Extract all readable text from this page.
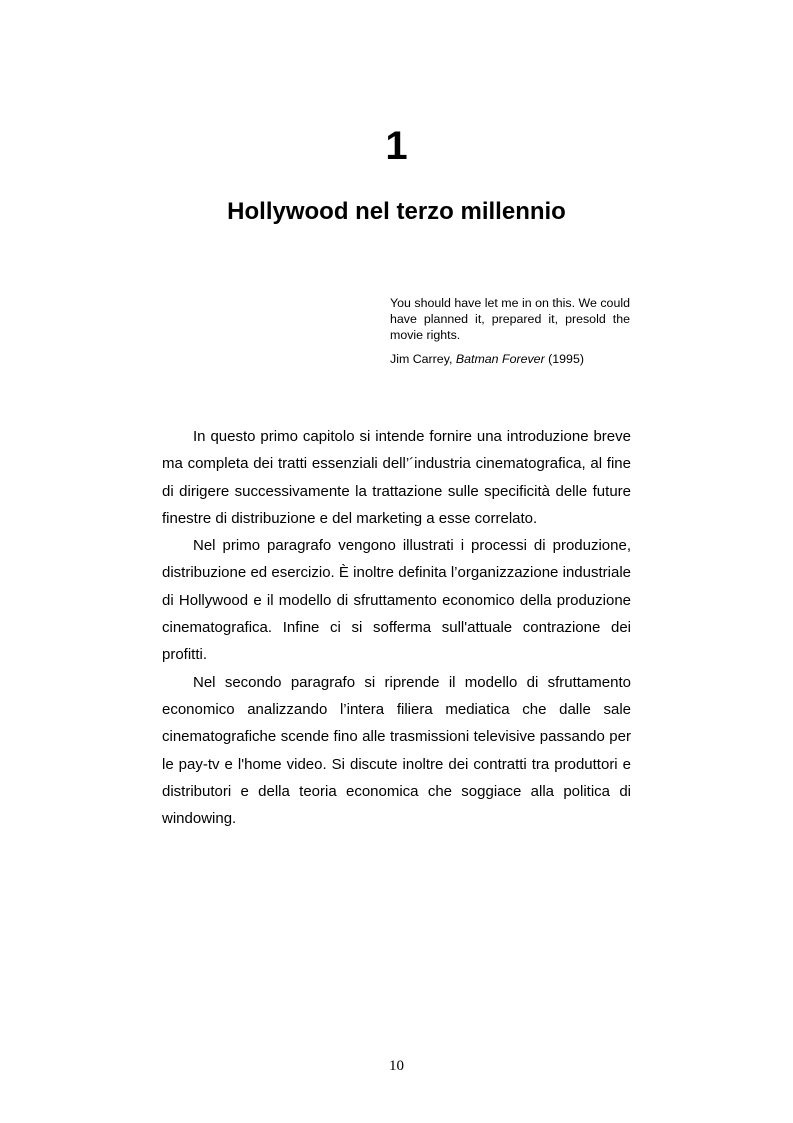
1
Hollywood nel terzo millennio

You should have let me in on this. We could have planned it, prepared it, presold the movie rights.

Jim Carrey, Batman Forever (1995)

In questo primo capitolo si intende fornire una introduzione breve ma completa dei tratti essenziali dell’´industria cinematografica, al fine di dirigere successivamente la trattazione sulle specificità delle future finestre di distribuzione e del marketing a esse correlato.

Nel primo paragrafo vengono illustrati i processi di produzione, distribuzione ed esercizio. È inoltre definita l’organizzazione industriale di Hollywood e il modello di sfruttamento economico della produzione cinematografica. Infine ci si sofferma sull'attuale contrazione dei profitti.

Nel secondo paragrafo si riprende il modello di sfruttamento economico analizzando l’intera filiera mediatica che dalle sale cinematografiche scende fino alle trasmissioni televisive passando per le pay-tv e l'home video. Si discute inoltre dei contratti tra produttori e distributori e della teoria economica che soggiace alla politica di windowing.

10
